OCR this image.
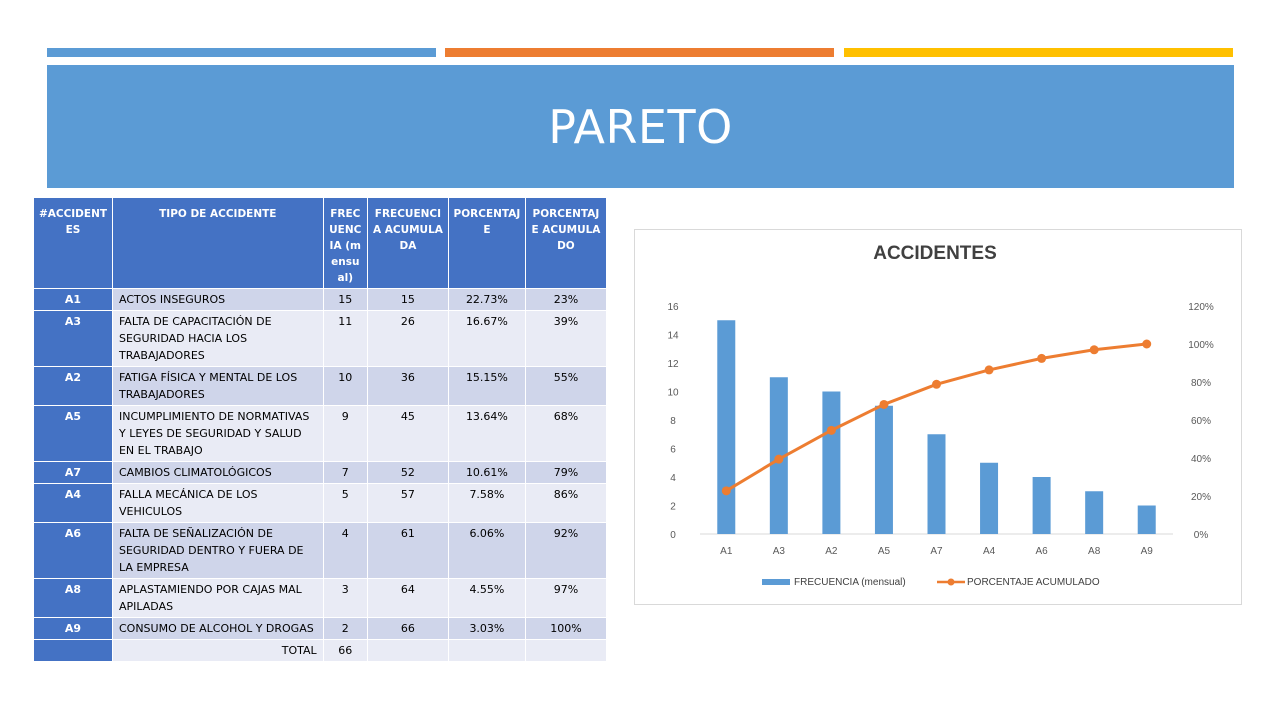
PARETO
#ACCIDENTES	TIPO DE ACCIDENTE	FRECUENCIA (mensual)	FRECUENCIA ACUMULADA	PORCENTAJE	PORCENTAJE ACUMULADO
A1	ACTOS INSEGUROS	15	15	22.73%	23%
A3	FALTA DE CAPACITACIÓN DE SEGURIDAD HACIA LOS TRABAJADORES	11	26	16.67%	39%
A2	FATIGA FÍSICA Y MENTAL DE LOS TRABAJADORES	10	36	15.15%	55%
A5	INCUMPLIMIENTO DE NORMATIVAS Y LEYES DE SEGURIDAD Y SALUD EN EL TRABAJO	9	45	13.64%	68%
A7	CAMBIOS CLIMATOLÓGICOS	7	52	10.61%	79%
A4	FALLA MECÁNICA DE LOS VEHICULOS	5	57	7.58%	86%
A6	FALTA DE SEÑALIZACIÓN DE SEGURIDAD DENTRO Y FUERA DE LA EMPRESA	4	61	6.06%	92%
A8	APLASTAMIENDO POR CAJAS MAL APILADAS	3	64	4.55%	97%
A9	CONSUMO DE ALCOHOL Y DROGAS	2	66	3.03%	100%
	TOTAL	66			
ACCIDENTES
0
2
4
6
8
10
12
14
16
0%
20%
40%
60%
80%
100%
120%
A1	A3	A2	A5	A7	A4	A6	A8	A9
FRECUENCIA (mensual)	PORCENTAJE ACUMULADO
